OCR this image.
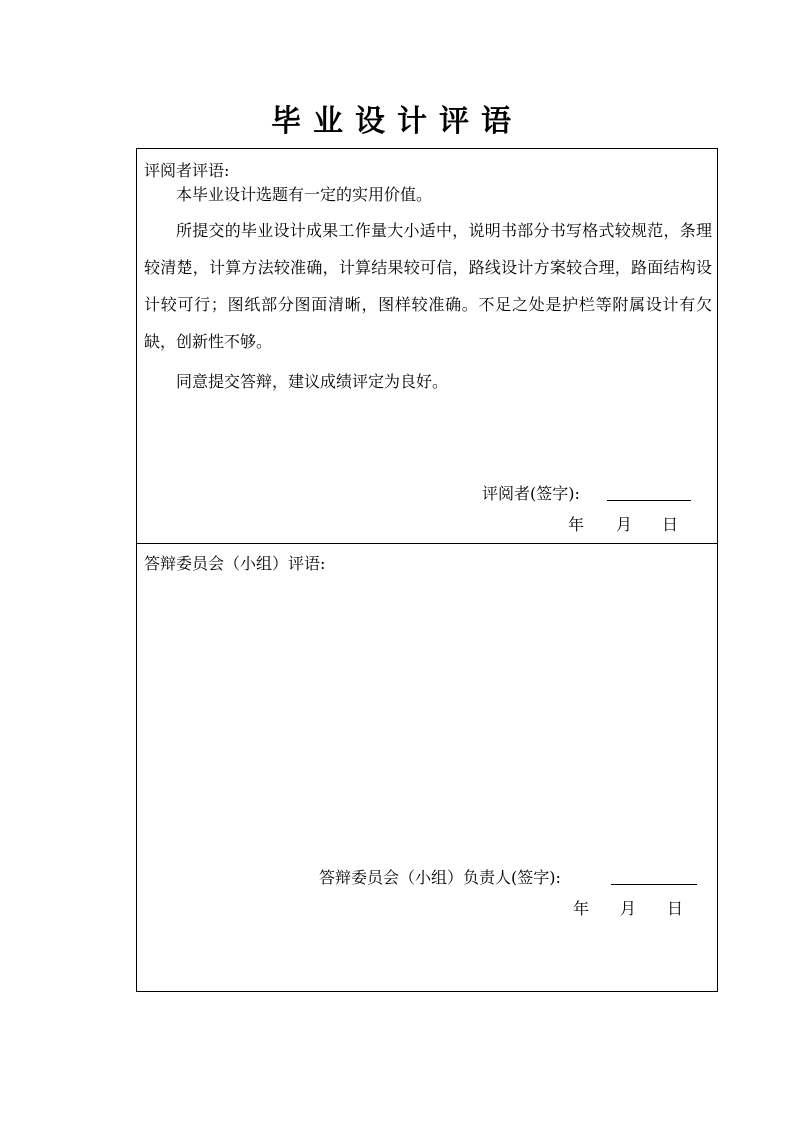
毕业设计评语
评阅者评语:
本毕业设计选题有一定的实用价值。
所提交的毕业设计成果工作量大小适中，说明书部分书写格式较规范，条理较清楚，计算方法较准确，计算结果较可信，路线设计方案较合理，路面结构设计较可行；图纸部分图面清晰，图样较准确。不足之处是护栏等附属设计有欠缺，创新性不够。
同意提交答辩，建议成绩评定为良好。
评阅者(签字):
年 月 日
答辩委员会（小组）评语:
答辩委员会（小组）负责人(签字):
年 月 日
